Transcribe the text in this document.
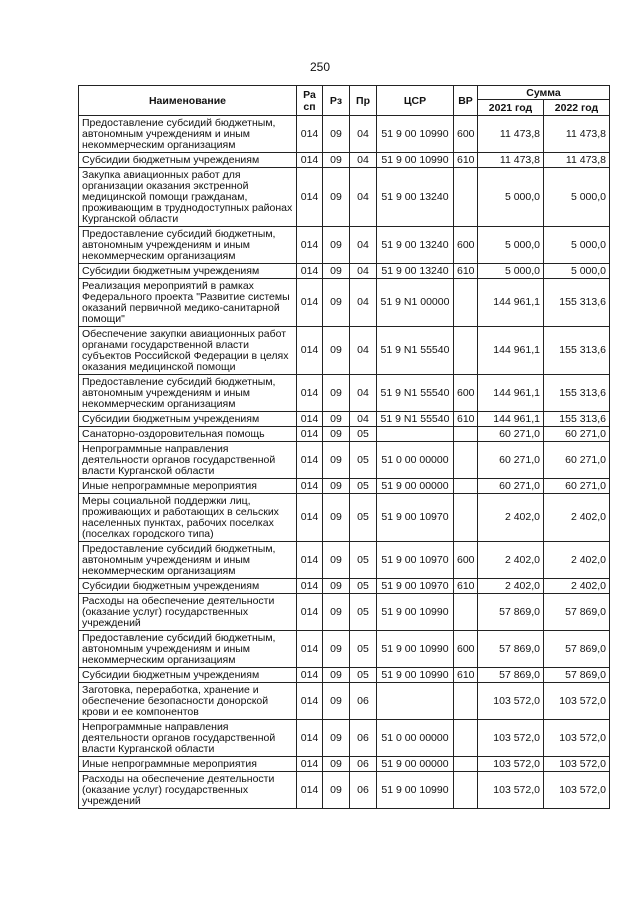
250
Наименование	Ра сп	Рз	Пр	ЦСР	ВР	Сумма	
						2021 год	2022 год
Предоставление субсидий бюджетным, автономным учреждениям и иным некоммерческим организациям	014	09	04	51 9 00 10990	600	11 473,8	11 473,8
Субсидии бюджетным учреждениям	014	09	04	51 9 00 10990	610	11 473,8	11 473,8
Закупка авиационных работ для организации оказания экстренной медицинской помощи гражданам, проживающим в труднодоступных районах Курганской области	014	09	04	51 9 00 13240		5 000,0	5 000,0
Предоставление субсидий бюджетным, автономным учреждениям и иным некоммерческим организациям	014	09	04	51 9 00 13240	600	5 000,0	5 000,0
Субсидии бюджетным учреждениям	014	09	04	51 9 00 13240	610	5 000,0	5 000,0
Реализация мероприятий в рамках Федерального проекта "Развитие системы оказаний первичной медико-санитарной помощи"	014	09	04	51 9 N1 00000		144 961,1	155 313,6
Обеспечение закупки авиационных работ органами государственной власти субъектов Российской Федерации в целях оказания медицинской помощи	014	09	04	51 9 N1 55540		144 961,1	155 313,6
Предоставление субсидий бюджетным, автономным учреждениям и иным некоммерческим организациям	014	09	04	51 9 N1 55540	600	144 961,1	155 313,6
Субсидии бюджетным учреждениям	014	09	04	51 9 N1 55540	610	144 961,1	155 313,6
Санаторно-оздоровительная помощь	014	09	05			60 271,0	60 271,0
Непрограммные направления деятельности органов государственной власти Курганской области	014	09	05	51 0 00 00000		60 271,0	60 271,0
Иные непрограммные мероприятия	014	09	05	51 9 00 00000		60 271,0	60 271,0
Меры социальной поддержки лиц, проживающих и работающих в сельских населенных пунктах, рабочих поселках (поселках городского типа)	014	09	05	51 9 00 10970		2 402,0	2 402,0
Предоставление субсидий бюджетным, автономным учреждениям и иным некоммерческим организациям	014	09	05	51 9 00 10970	600	2 402,0	2 402,0
Субсидии бюджетным учреждениям	014	09	05	51 9 00 10970	610	2 402,0	2 402,0
Расходы на обеспечение деятельности (оказание услуг) государственных учреждений	014	09	05	51 9 00 10990		57 869,0	57 869,0
Предоставление субсидий бюджетным, автономным учреждениям и иным некоммерческим организациям	014	09	05	51 9 00 10990	600	57 869,0	57 869,0
Субсидии бюджетным учреждениям	014	09	05	51 9 00 10990	610	57 869,0	57 869,0
Заготовка, переработка, хранение и обеспечение безопасности донорской крови и ее компонентов	014	09	06			103 572,0	103 572,0
Непрограммные направления деятельности органов государственной власти Курганской области	014	09	06	51 0 00 00000		103 572,0	103 572,0
Иные непрограммные мероприятия	014	09	06	51 9 00 00000		103 572,0	103 572,0
Расходы на обеспечение деятельности (оказание услуг) государственных учреждений	014	09	06	51 9 00 10990		103 572,0	103 572,0
